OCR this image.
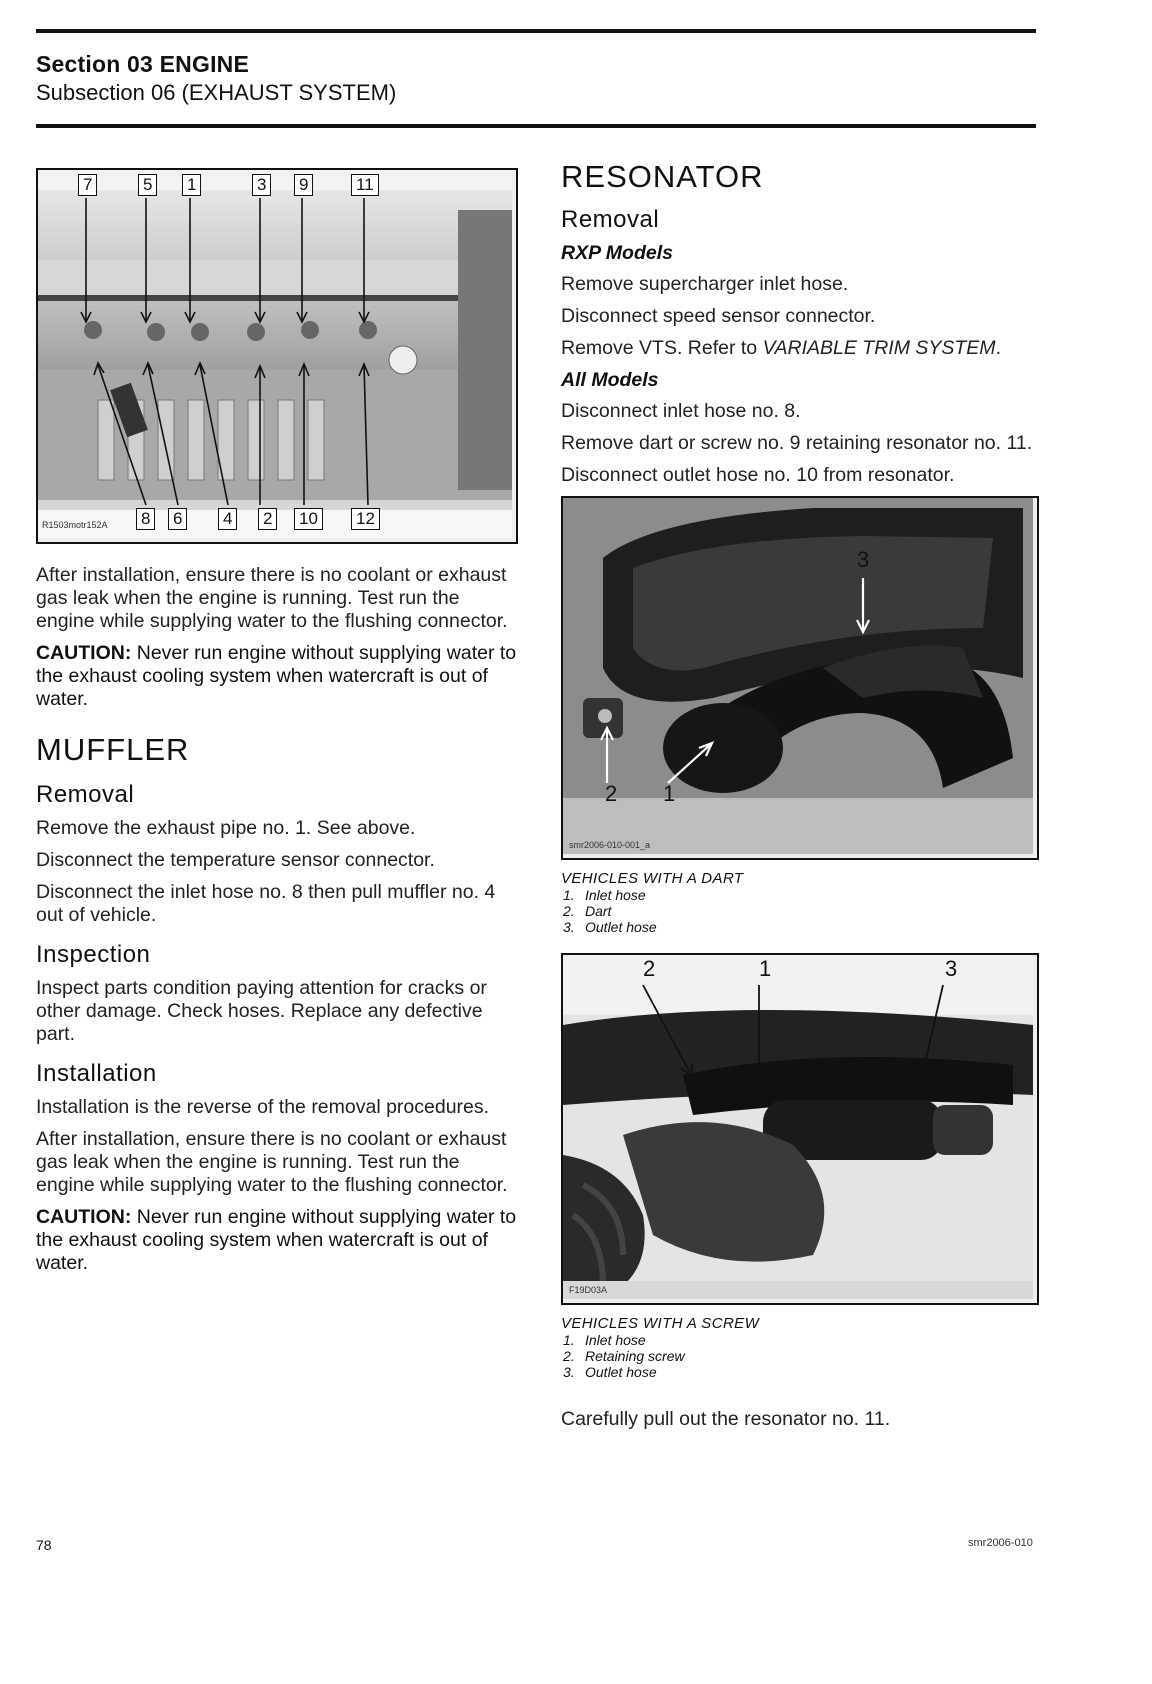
Section 03 ENGINE
Subsection 06 (EXHAUST SYSTEM)
7	5 1	3 9	11
R1503motr152A 8 6 4 2 10 12

After installation, ensure there is no coolant or exhaust gas leak when the engine is running. Test run the engine while supplying water to the flushing connector.

CAUTION: Never run engine without supplying water to the exhaust cooling system when watercraft is out of water.

MUFFLER
Removal

Remove the exhaust pipe no. 1. See above.

Disconnect the temperature sensor connector.

Disconnect the inlet hose no. 8 then pull muffler no. 4 out of vehicle.

Inspection

Inspect parts condition paying attention for cracks or other damage. Check hoses. Replace any defective part.

Installation

Installation is the reverse of the removal procedures.

After installation, ensure there is no coolant or exhaust gas leak when the engine is running. Test run the engine while supplying water to the flushing connector.

CAUTION: Never run engine without supplying water to the exhaust cooling system when watercraft is out of water.

RESONATOR
Removal
RXP Models

Remove supercharger inlet hose.

Disconnect speed sensor connector.

Remove VTS. Refer to VARIABLE TRIM SYSTEM.

All Models

Disconnect inlet hose no. 8.

Remove dart or screw no. 9 retaining resonator no. 11.

Disconnect outlet hose no. 10 from resonator.

3
2 1
smr2006-010-001_a
VEHICLES WITH A DART
1. Inlet hose
2. Dart
3. Outlet hose
2	1	3
F19D03A
VEHICLES WITH A SCREW
1. Inlet hose
2. Retaining screw
3. Outlet hose

Carefully pull out the resonator no. 11.

78	smr2006-010
